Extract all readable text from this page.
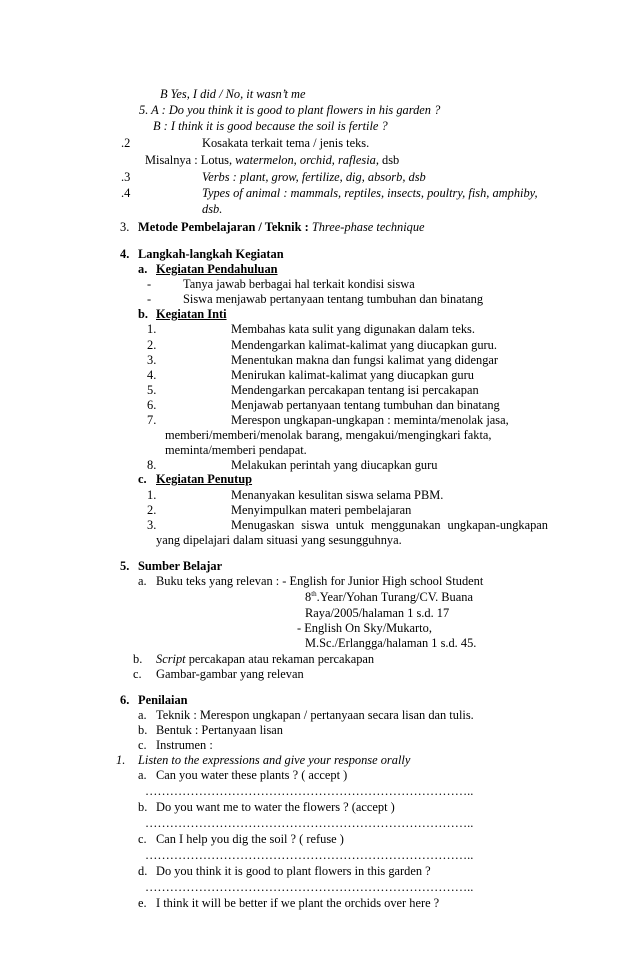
B Yes, I did / No, it wasn’t me
5. A : Do you think it is good to plant flowers in his garden ?
B : I think it is good because the soil is fertile ?
.2	Kosakata terkait tema / jenis teks.
Misalnya : Lotus, watermelon, orchid, raflesia, dsb
.3	Verbs : plant, grow, fertilize, dig, absorb, dsb
.4	Types of animal : mammals, reptiles, insects, poultry, fish, amphiby,
dsb.
3. Metode Pembelajaran / Teknik : Three-phase technique
4. Langkah-langkah Kegiatan
a. Kegiatan Pendahuluan
-	Tanya jawab berbagai hal terkait kondisi siswa
-	Siswa menjawab pertanyaan tentang tumbuhan dan binatang
b. Kegiatan Inti
1.	Membahas kata sulit yang digunakan dalam teks.
2.	Mendengarkan kalimat-kalimat yang diucapkan guru.
3.	Menentukan makna dan fungsi kalimat yang didengar
4.	Menirukan kalimat-kalimat yang diucapkan guru
5.	Mendengarkan percakapan tentang isi percakapan
6.	Menjawab pertanyaan tentang tumbuhan dan binatang
7.	Merespon ungkapan-ungkapan : meminta/menolak jasa,
memberi/memberi/menolak barang, mengakui/mengingkari fakta,
meminta/memberi pendapat.
8.	Melakukan perintah yang diucapkan guru
c. Kegiatan Penutup
1.	Menanyakan kesulitan siswa selama PBM.
2.	Menyimpulkan materi pembelajaran
3.	Menugaskan siswa untuk menggunakan ungkapan-ungkapan
yang dipelajari dalam situasi yang sesungguhnya.
5. Sumber Belajar
a. Buku teks yang relevan : - English for Junior High school Student
8th.Year/Yohan Turang/CV. Buana
Raya/2005/halaman 1 s.d. 17
- English On Sky/Mukarto,
M.Sc./Erlangga/halaman 1 s.d. 45.
b. Script percakapan atau rekaman percakapan
c. Gambar-gambar yang relevan
6. Penilaian
a. Teknik : Merespon ungkapan / pertanyaan secara lisan dan tulis.
b. Bentuk : Pertanyaan lisan
c. Instrumen :
1. Listen to the expressions and give your response orally
a. Can you water these plants ? ( accept )
……………………………………………………………………..
b. Do you want me to water the flowers ? (accept )
……………………………………………………………………..
c. Can I help you dig the soil ? ( refuse )
……………………………………………………………………..
d. Do you think it is good to plant flowers in this garden ?
……………………………………………………………………..
e. I think it will be better if we plant the orchids over here ?
